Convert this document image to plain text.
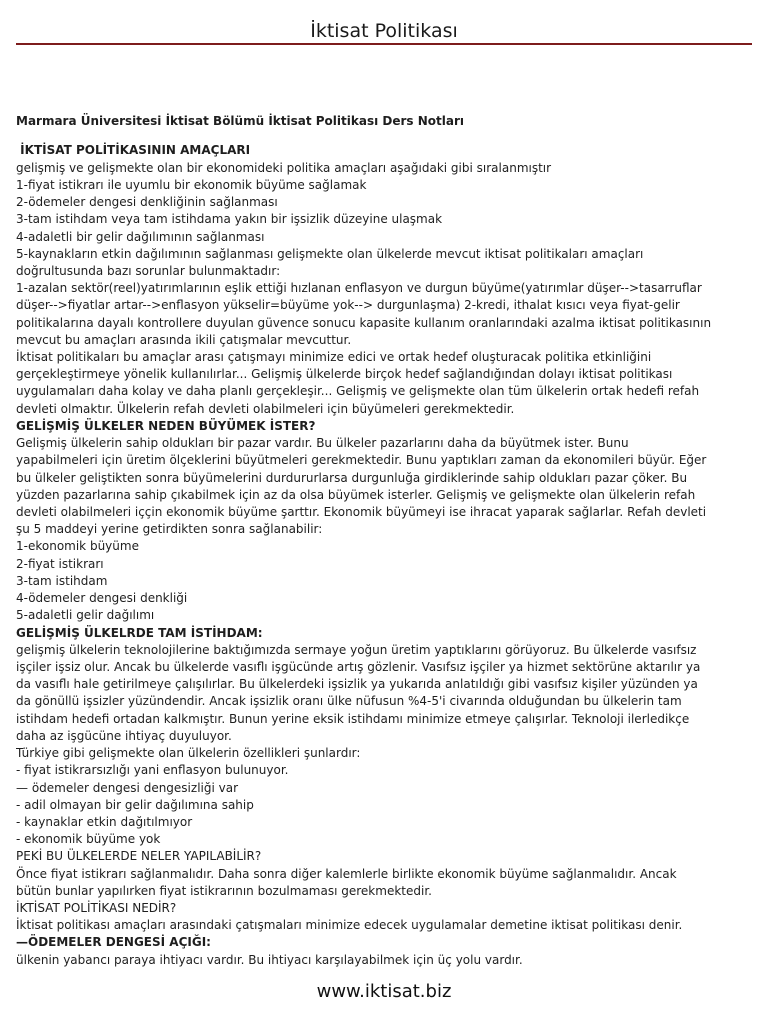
İktisat Politikası
Marmara Üniversitesi İktisat Bölümü İktisat Politikası Ders Notları
İKTİSAT POLİTİKASININ AMAÇLARI
gelişmiş ve gelişmekte olan bir ekonomideki politika amaçları aşağıdaki gibi sıralanmıştır
1-fiyat istikrarı ile uyumlu bir ekonomik büyüme sağlamak
2-ödemeler dengesi denkliğinin sağlanması
3-tam istihdam veya tam istihdama yakın bir işsizlik düzeyine ulaşmak
4-adaletli bir gelir dağılımının sağlanması
5-kaynakların etkin dağılımının sağlanması gelişmekte olan ülkelerde mevcut iktisat politikaları amaçları
doğrultusunda bazı sorunlar bulunmaktadır:
1-azalan sektör(reel)yatırımlarının eşlik ettiği hızlanan enflasyon ve durgun büyüme(yatırımlar düşer-->tasarruflar
düşer-->fiyatlar artar-->enflasyon yükselir=büyüme yok--> durgunlaşma) 2-kredi, ithalat kısıcı veya fiyat-gelir
politikalarına dayalı kontrollere duyulan güvence sonucu kapasite kullanım oranlarındaki azalma iktisat politikasının
mevcut bu amaçları arasında ikili çatışmalar mevcuttur.
İktisat politikaları bu amaçlar arası çatışmayı minimize edici ve ortak hedef oluşturacak politika etkinliğini
gerçekleştirmeye yönelik kullanılırlar... Gelişmiş ülkelerde birçok hedef sağlandığından dolayı iktisat politikası
uygulamaları daha kolay ve daha planlı gerçekleşir... Gelişmiş ve gelişmekte olan tüm ülkelerin ortak hedefi refah
devleti olmaktır. Ülkelerin refah devleti olabilmeleri için büyümeleri gerekmektedir.
GELİŞMİŞ ÜLKELER NEDEN BÜYÜMEK İSTER?
Gelişmiş ülkelerin sahip oldukları bir pazar vardır. Bu ülkeler pazarlarını daha da büyütmek ister. Bunu
yapabilmeleri için üretim ölçeklerini büyütmeleri gerekmektedir. Bunu yaptıkları zaman da ekonomileri büyür. Eğer
bu ülkeler geliştikten sonra büyümelerini durdururlarsa durgunluğa girdiklerinde sahip oldukları pazar çöker. Bu
yüzden pazarlarına sahip çıkabilmek için az da olsa büyümek isterler. Gelişmiş ve gelişmekte olan ülkelerin refah
devleti olabilmeleri iççin ekonomik büyüme şarttır. Ekonomik büyümeyi ise ihracat yaparak sağlarlar. Refah devleti
şu 5 maddeyi yerine getirdikten sonra sağlanabilir:
1-ekonomik büyüme
2-fiyat istikrarı
3-tam istihdam
4-ödemeler dengesi denkliği
5-adaletli gelir dağılımı
GELİŞMİŞ ÜLKELRDE TAM İSTİHDAM:
gelişmiş ülkelerin teknolojilerine baktığımızda sermaye yoğun üretim yaptıklarını görüyoruz. Bu ülkelerde vasıfsız
işçiler işsiz olur. Ancak bu ülkelerde vasıflı işgücünde artış gözlenir. Vasıfsız işçiler ya hizmet sektörüne aktarılır ya
da vasıflı hale getirilmeye çalışılırlar. Bu ülkelerdeki işsizlik ya yukarıda anlatıldığı gibi vasıfsız kişiler yüzünden ya
da gönüllü işsizler yüzündendir. Ancak işsizlik oranı ülke nüfusun %4-5'i civarında olduğundan bu ülkelerin tam
istihdam hedefi ortadan kalkmıştır. Bunun yerine eksik istihdamı minimize etmeye çalışırlar. Teknoloji ilerledikçe
daha az işgücüne ihtiyaç duyuluyor.
Türkiye gibi gelişmekte olan ülkelerin özellikleri şunlardır:
- fiyat istikrarsızlığı yani enflasyon bulunuyor.
— ödemeler dengesi dengesizliği var
- adil olmayan bir gelir dağılımına sahip
- kaynaklar etkin dağıtılmıyor
- ekonomik büyüme yok
PEKİ BU ÜLKELERDE NELER YAPILABİLİR?
Önce fiyat istikrarı sağlanmalıdır. Daha sonra diğer kalemlerle birlikte ekonomik büyüme sağlanmalıdır. Ancak
bütün bunlar yapılırken fiyat istikrarının bozulmaması gerekmektedir.
İKTİSAT POLİTİKASI NEDİR?
İktisat politikası amaçları arasındaki çatışmaları minimize edecek uygulamalar demetine iktisat politikası denir.
—ÖDEMELER DENGESİ AÇIĞI:
ülkenin yabancı paraya ihtiyacı vardır. Bu ihtiyacı karşılayabilmek için üç yolu vardır.
www.iktisat.biz
